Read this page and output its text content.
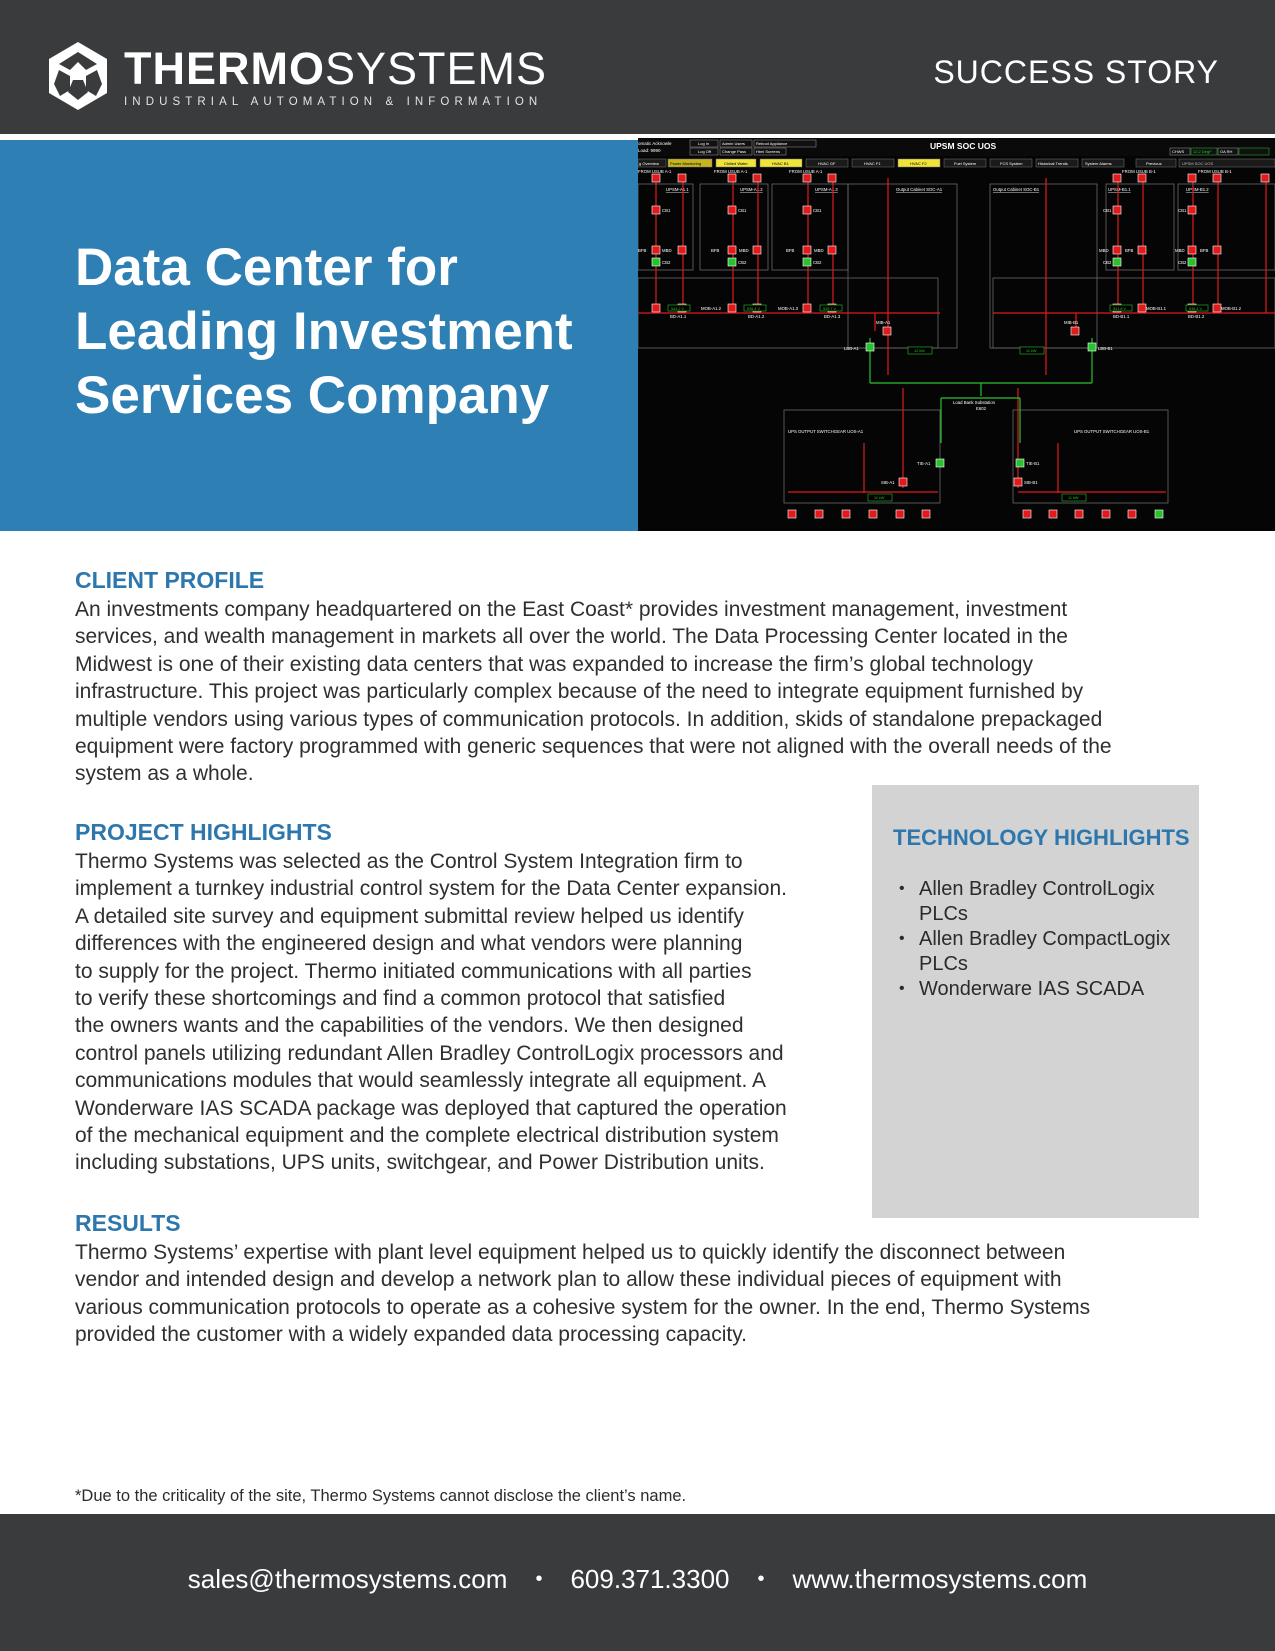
THERMOSYSTEMS
INDUSTRIAL AUTOMATION & INFORMATION
SUCCESS STORY
Data Center for
Leading Investment
Services Company
omatic Acknowle
Load: 9990
Log In
Log Off
Admin Users
Change Pass
Reboot Appliance
Html Screens
UPSM SOC UOS
CHWS 12.2 DegF OA RH
g Overview	Power Monitoring	Chilled Water	HVAC B1	HVAC GF	HVAC F1	HVAC F2	Fuel System	FCS System	Historical Trends	System Alarms	Previous	UPSM SOC UOS
FROM USUB A-1	FROM USUB A-1	FROM USUB A-1	FROM USUB B-1	FROM USUB B-1
UPSM-A1.1	UPSM-A1.2	UPSM-A1.3	Output Cabinet SOC-A1	Output Cabinet SOC-B1	UPSM-B1.1	UPSM-B1.2
Load Bank Substation
E602
CB1	CB1	CB1
CB2	CB2	CB2
MBD	MBD	MBD
BFB	BFB	BFB	MBD	MBD
BFB	BFB
CB1	CB1
CB2	CB2
MOB-A1.2	MOB-A1.3	MOB-B1.1	MOB-B1.2
BD-A1.1	BD-A1.2	BD-A1.3	BD-B1.1	BD-B1.2
MIB-A1	MIB-B1
LBB-A1	LBB-B1
UPS OUTPUT SWITCHGEAR UOS-A1	UPS OUTPUT SWITCHGEAR UOS-B1
TIE-A1	TIE-B1
SIB-A1	SIB-B1
544.2 V	536.4 V	539.7 V	541.6 V	536.4 V
12 kW	11 kW
11 kW	11 kW
CLIENT PROFILE
An investments company headquartered on the East Coast* provides investment management, investment
services, and wealth management in markets all over the world. The Data Processing Center located in the
Midwest is one of their existing data centers that was expanded to increase the firm’s global technology
infrastructure. This project was particularly complex because of the need to integrate equipment furnished by
multiple vendors using various types of communication protocols. In addition, skids of standalone prepackaged
equipment were factory programmed with generic sequences that were not aligned with the overall needs of the
system as a whole.
PROJECT HIGHLIGHTS
Thermo Systems was selected as the Control System Integration firm to
implement a turnkey industrial control system for the Data Center expansion.
A detailed site survey and equipment submittal review helped us identify
differences with the engineered design and what vendors were planning
to supply for the project. Thermo initiated communications with all parties
to verify these shortcomings and find a common protocol that satisfied
the owners wants and the capabilities of the vendors. We then designed
control panels utilizing redundant Allen Bradley ControlLogix processors and
communications modules that would seamlessly integrate all equipment. A
Wonderware IAS SCADA package was deployed that captured the operation
of the mechanical equipment and the complete electrical distribution system
including substations, UPS units, switchgear, and Power Distribution units.
TECHNOLOGY HIGHLIGHTS
• Allen Bradley ControlLogix PLCs
• Allen Bradley CompactLogix PLCs
• Wonderware IAS SCADA
RESULTS
Thermo Systems’ expertise with plant level equipment helped us to quickly identify the disconnect between
vendor and intended design and develop a network plan to allow these individual pieces of equipment with
various communication protocols to operate as a cohesive system for the owner. In the end, Thermo Systems
provided the customer with a widely expanded data processing capacity.
*Due to the criticality of the site, Thermo Systems cannot disclose the client’s name.
sales@thermosystems.com • 609.371.3300 • www.thermosystems.com
